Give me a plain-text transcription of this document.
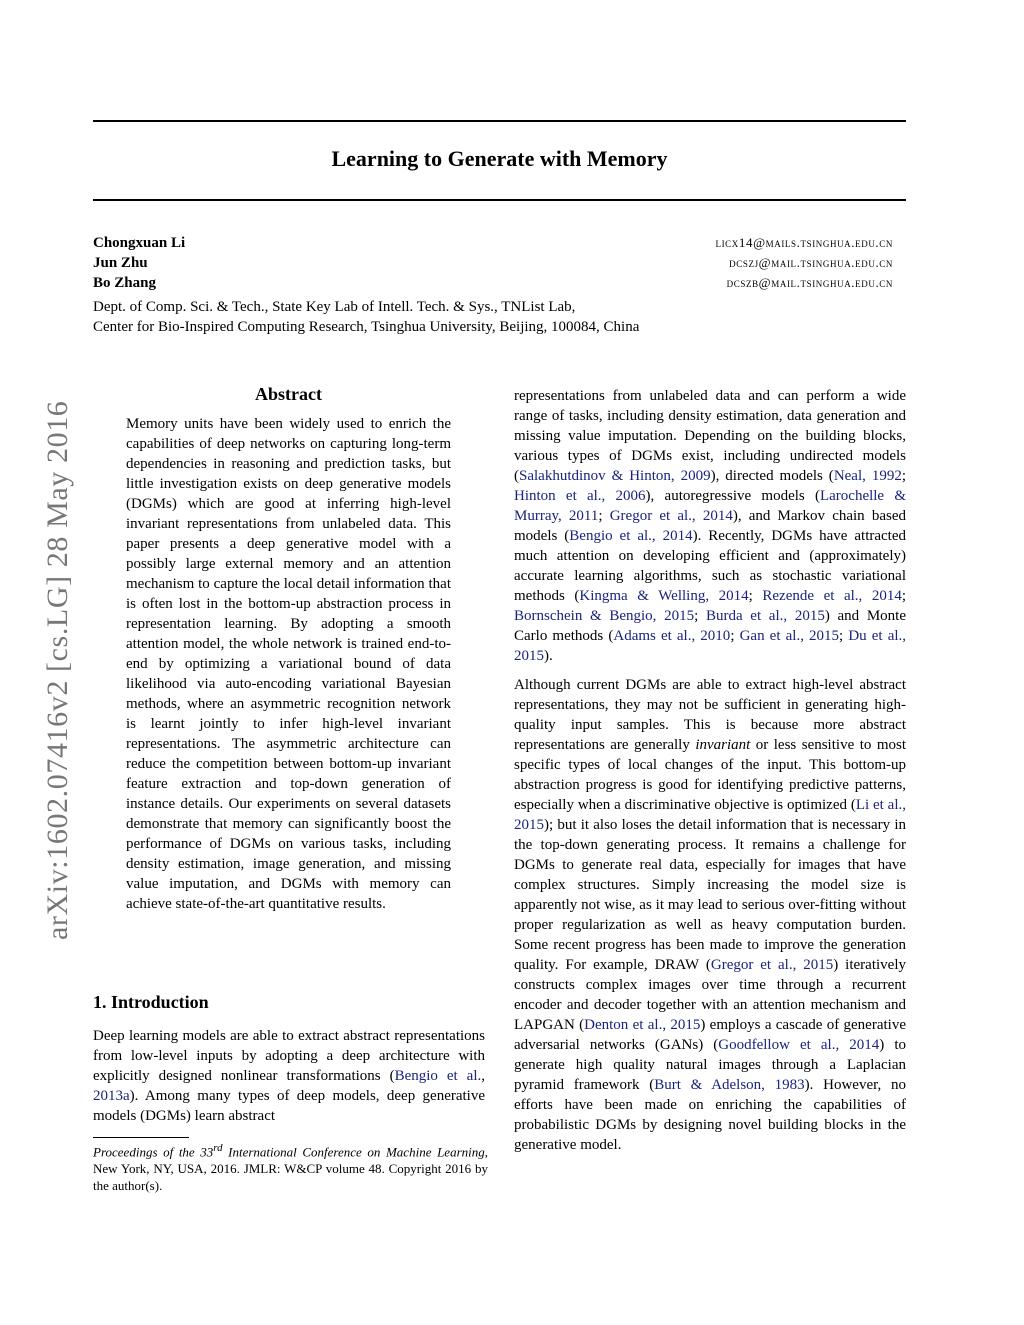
arXiv:1602.07416v2 [cs.LG] 28 May 2016
Learning to Generate with Memory
Chongxuan Li	licx14@mails.tsinghua.edu.cn
Jun Zhu	dcszj@mail.tsinghua.edu.cn
Bo Zhang	dcszb@mail.tsinghua.edu.cn
Dept. of Comp. Sci. & Tech., State Key Lab of Intell. Tech. & Sys., TNList Lab,
Center for Bio-Inspired Computing Research, Tsinghua University, Beijing, 100084, China
Abstract
Memory units have been widely used to enrich the capabilities of deep networks on capturing long-term dependencies in reasoning and prediction tasks, but little investigation exists on deep generative models (DGMs) which are good at inferring high-level invariant representations from unlabeled data. This paper presents a deep generative model with a possibly large external memory and an attention mechanism to capture the local detail information that is often lost in the bottom-up abstraction process in representation learning. By adopting a smooth attention model, the whole network is trained end-to-end by optimizing a variational bound of data likelihood via auto-encoding variational Bayesian methods, where an asymmetric recognition network is learnt jointly to infer high-level invariant representations. The asymmetric architecture can reduce the competition between bottom-up invariant feature extraction and top-down generation of instance details. Our experiments on several datasets demonstrate that memory can significantly boost the performance of DGMs on various tasks, including density estimation, image generation, and missing value imputation, and DGMs with memory can achieve state-of-the-art quantitative results.
1. Introduction
Deep learning models are able to extract abstract representations from low-level inputs by adopting a deep architecture with explicitly designed nonlinear transformations (Bengio et al., 2013a). Among many types of deep models, deep generative models (DGMs) learn abstract
Proceedings of the 33rd International Conference on Machine Learning, New York, NY, USA, 2016. JMLR: W&CP volume 48. Copyright 2016 by the author(s).

representations from unlabeled data and can perform a wide range of tasks, including density estimation, data generation and missing value imputation. Depending on the building blocks, various types of DGMs exist, including undirected models (Salakhutdinov & Hinton, 2009), directed models (Neal, 1992; Hinton et al., 2006), autoregressive models (Larochelle & Murray, 2011; Gregor et al., 2014), and Markov chain based models (Bengio et al., 2014). Recently, DGMs have attracted much attention on developing efficient and (approximately) accurate learning algorithms, such as stochastic variational methods (Kingma & Welling, 2014; Rezende et al., 2014; Bornschein & Bengio, 2015; Burda et al., 2015) and Monte Carlo methods (Adams et al., 2010; Gan et al., 2015; Du et al., 2015).

Although current DGMs are able to extract high-level abstract representations, they may not be sufficient in generating high-quality input samples. This is because more abstract representations are generally invariant or less sensitive to most specific types of local changes of the input. This bottom-up abstraction progress is good for identifying predictive patterns, especially when a discriminative objective is optimized (Li et al., 2015); but it also loses the detail information that is necessary in the top-down generating process. It remains a challenge for DGMs to generate real data, especially for images that have complex structures. Simply increasing the model size is apparently not wise, as it may lead to serious over-fitting without proper regularization as well as heavy computation burden. Some recent progress has been made to improve the generation quality. For example, DRAW (Gregor et al., 2015) iteratively constructs complex images over time through a recurrent encoder and decoder together with an attention mechanism and LAPGAN (Denton et al., 2015) employs a cascade of generative adversarial networks (GANs) (Goodfellow et al., 2014) to generate high quality natural images through a Laplacian pyramid framework (Burt & Adelson, 1983). However, no efforts have been made on enriching the capabilities of probabilistic DGMs by designing novel building blocks in the generative model.
